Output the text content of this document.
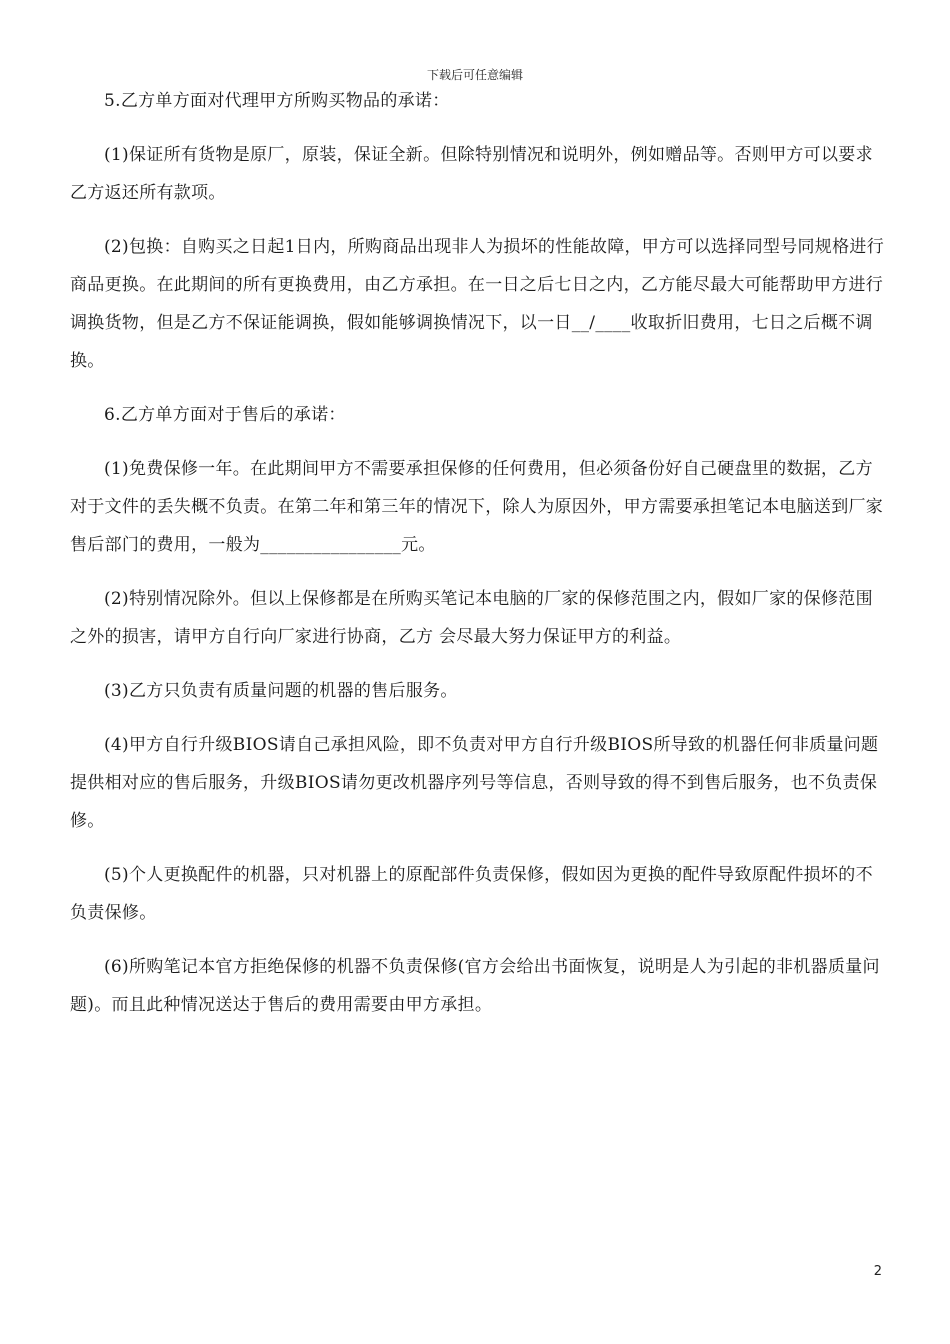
下载后可任意编辑

5.乙方单方面对代理甲方所购买物品的承诺：

(1)保证所有货物是原厂，原装，保证全新。但除特别情况和说明外，例如赠品等。否则甲方可以要求乙方返还所有款项。

(2)包换：自购买之日起1日内，所购商品出现非人为损坏的性能故障，甲方可以选择同型号同规格进行商品更换。在此期间的所有更换费用，由乙方承担。在一日之后七日之内，乙方能尽最大可能帮助甲方进行调换货物，但是乙方不保证能调换，假如能够调换情况下，以一日__/____收取折旧费用，七日之后概不调换。

6.乙方单方面对于售后的承诺：

(1)免费保修一年。在此期间甲方不需要承担保修的任何费用，但必须备份好自己硬盘里的数据，乙方对于文件的丢失概不负责。在第二年和第三年的情况下，除人为原因外，甲方需要承担笔记本电脑送到厂家售后部门的费用，一般为________________元。

(2)特别情况除外。但以上保修都是在所购买笔记本电脑的厂家的保修范围之内，假如厂家的保修范围之外的损害，请甲方自行向厂家进行协商，乙方 会尽最大努力保证甲方的利益。

(3)乙方只负责有质量问题的机器的售后服务。

(4)甲方自行升级BIOS请自己承担风险，即不负责对甲方自行升级BIOS所导致的机器任何非质量问题提供相对应的售后服务，升级BIOS请勿更改机器序列号等信息，否则导致的得不到售后服务，也不负责保修。

(5)个人更换配件的机器，只对机器上的原配部件负责保修，假如因为更换的配件导致原配件损坏的不负责保修。

(6)所购笔记本官方拒绝保修的机器不负责保修(官方会给出书面恢复，说明是人为引起的非机器质量问题)。而且此种情况送达于售后的费用需要由甲方承担。

2
